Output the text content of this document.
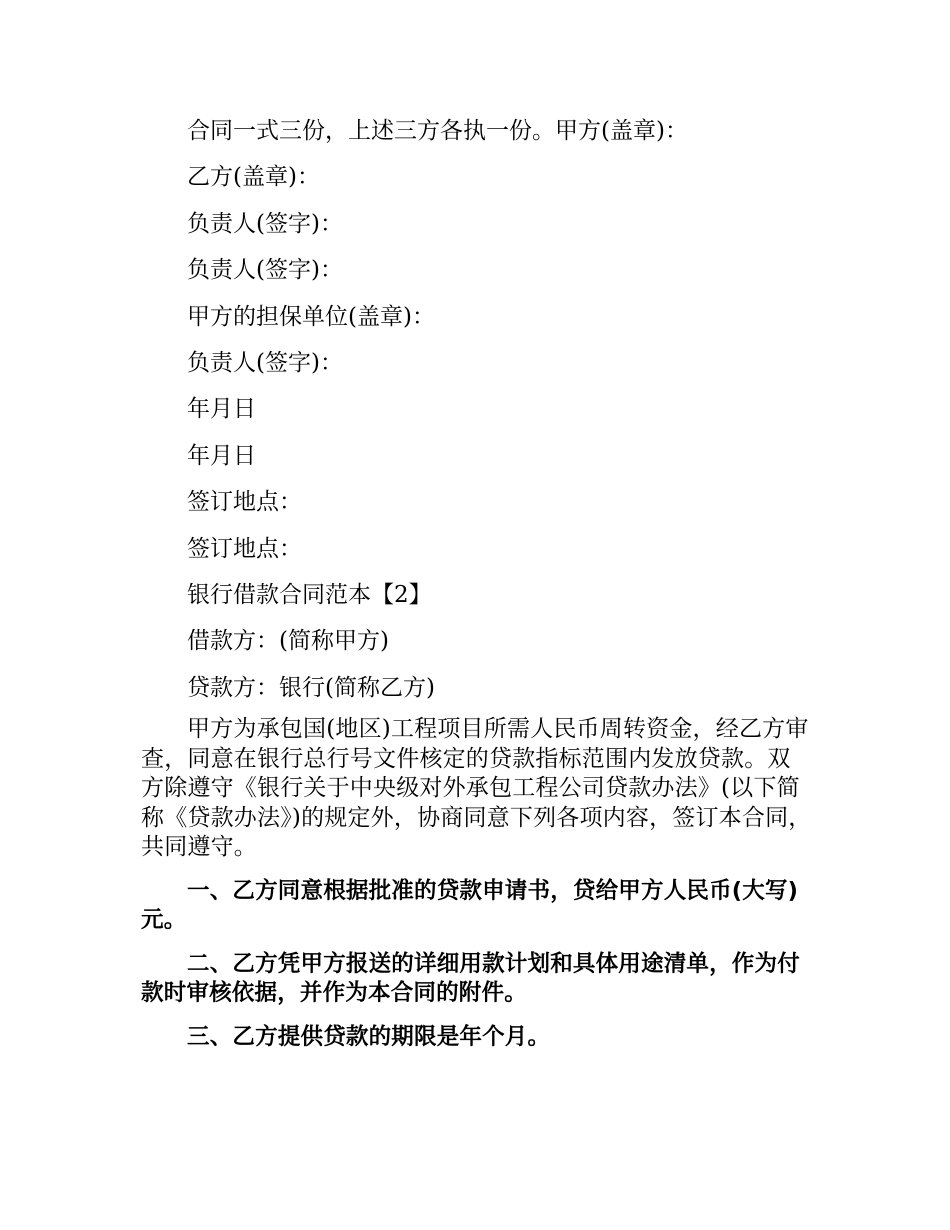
合同一式三份，上述三方各执一份。甲方(盖章)：

乙方(盖章)：

负责人(签字)：

负责人(签字)：

甲方的担保单位(盖章)：

负责人(签字)：

年月日

年月日

签订地点：

签订地点：

银行借款合同范本【2】

借款方：(简称甲方)

贷款方：银行(简称乙方)

甲方为承包国(地区)工程项目所需人民币周转资金，经乙方审查，同意在银行总行号文件核定的贷款指标范围内发放贷款。双方除遵守《银行关于中央级对外承包工程公司贷款办法》(以下简称《贷款办法》)的规定外，协商同意下列各项内容，签订本合同，共同遵守。

一、乙方同意根据批准的贷款申请书，贷给甲方人民币(大写)元。

二、乙方凭甲方报送的详细用款计划和具体用途清单，作为付款时审核依据，并作为本合同的附件。

三、乙方提供贷款的期限是年个月。
